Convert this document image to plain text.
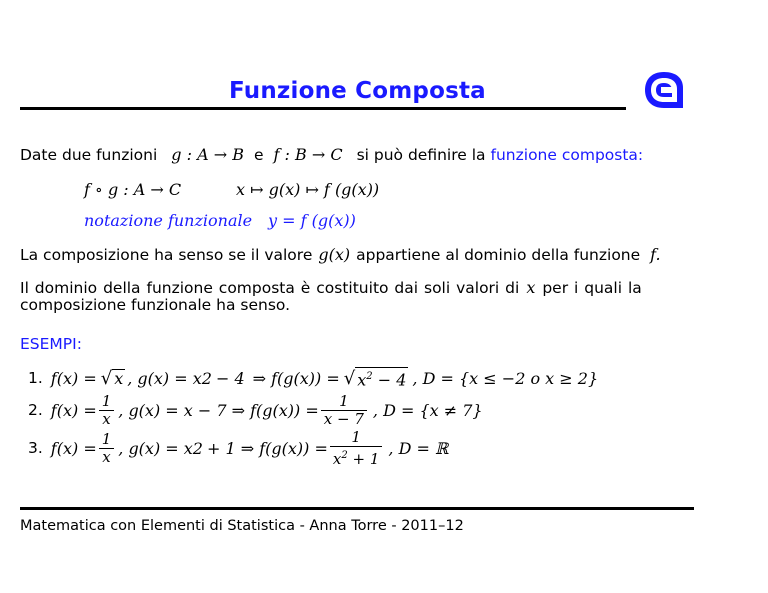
Funzione Composta
Date due funzioni g : A → B e f : B → C si può definire la funzione composta:
f ∘ g : A → C	x ↦ g(x) ↦ f (g(x))
notazione funzionale y = f (g(x))
La composizione ha senso se il valore g(x) appartiene al dominio della funzione f.
Il dominio della funzione composta è costituito dai soli valori di x per i quali la
composizione funzionale ha senso.
ESEMPI:
1. f(x) = √ x , g(x) = x 2 − 4 ⇒ f(g(x)) = √ $x^2 - 4$ , D = {x ≤ −2 o x ≥ 2}
2. $f(x) = \frac{1}{x}$ , g(x) = x − 7 ⇒ $f(g(x)) = \frac{1}{x - 7}$ , D = {x ≠ 7}
3. $f(x) = \frac{1}{x}$ , g(x) = x 2 + 1 ⇒ $f(g(x)) = \frac{1}{x^2 + 1}$ , D = ℝ
Matematica con Elementi di Statistica - Anna Torre - 2011–12
